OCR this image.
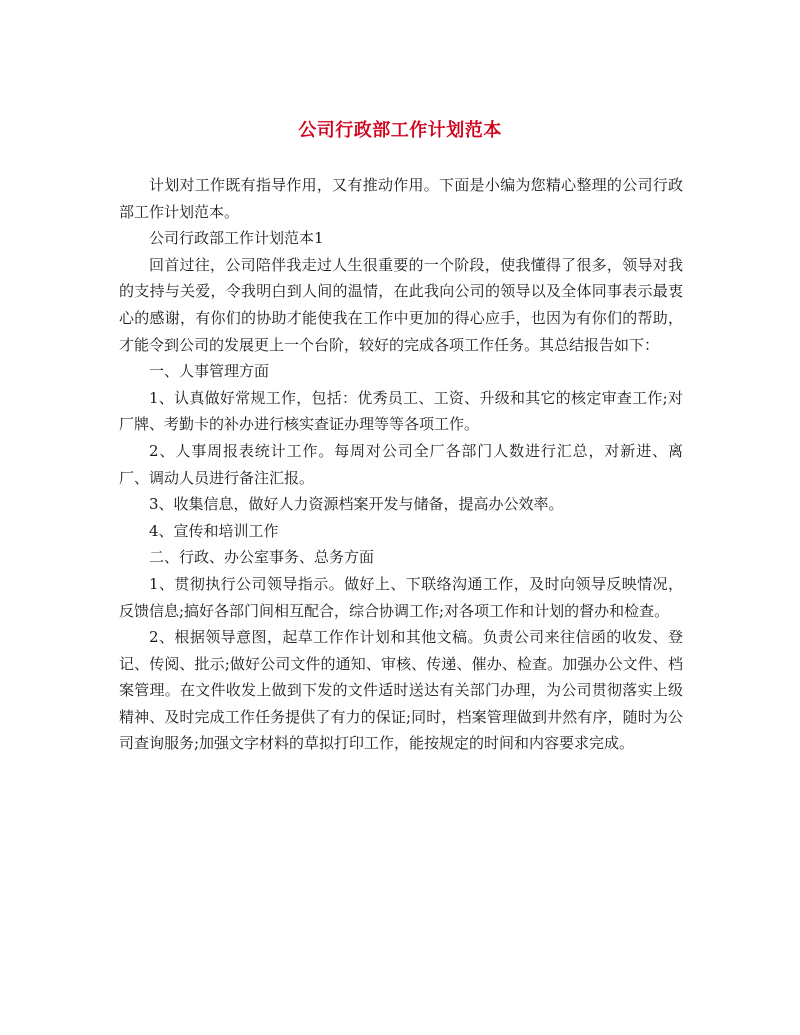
公司行政部工作计划范本

计划对工作既有指导作用，又有推动作用。下面是小编为您精心整理的公司行政部工作计划范本。

公司行政部工作计划范本1

回首过往，公司陪伴我走过人生很重要的一个阶段，使我懂得了很多，领导对我的支持与关爱，令我明白到人间的温情，在此我向公司的领导以及全体同事表示最衷心的感谢，有你们的协助才能使我在工作中更加的得心应手，也因为有你们的帮助，才能令到公司的发展更上一个台阶，较好的完成各项工作任务。其总结报告如下：

一、人事管理方面

1、认真做好常规工作，包括：优秀员工、工资、升级和其它的核定审查工作;对厂牌、考勤卡的补办进行核实查证办理等等各项工作。

2、人事周报表统计工作。每周对公司全厂各部门人数进行汇总，对新进、离厂、调动人员进行备注汇报。

3、收集信息，做好人力资源档案开发与储备，提高办公效率。

4、宣传和培训工作

二、行政、办公室事务、总务方面

1、贯彻执行公司领导指示。做好上、下联络沟通工作，及时向领导反映情况，反馈信息;搞好各部门间相互配合，综合协调工作;对各项工作和计划的督办和检查。

2、根据领导意图，起草工作作计划和其他文稿。负责公司来往信函的收发、登记、传阅、批示;做好公司文件的通知、审核、传递、催办、检查。加强办公文件、档案管理。在文件收发上做到下发的文件适时送达有关部门办理，为公司贯彻落实上级精神、及时完成工作任务提供了有力的保证;同时，档案管理做到井然有序，随时为公司查询服务;加强文字材料的草拟打印工作，能按规定的时间和内容要求完成。
